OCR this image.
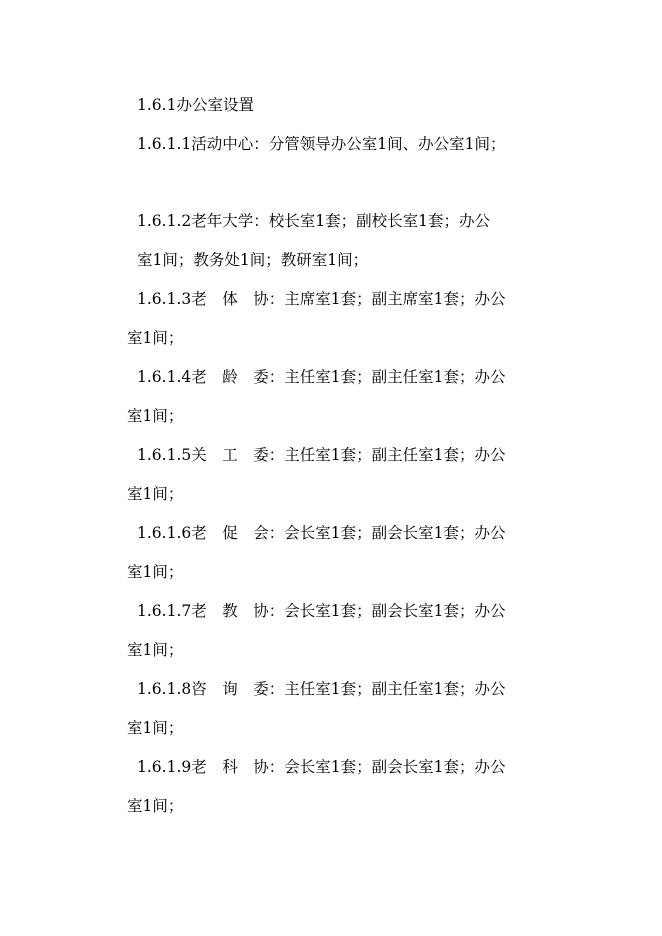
1.6.1办公室设置
1.6.1.1活动中心：分管领导办公室1间、办公室1间；
1.6.1.2老年大学：校长室1套；副校长室1套；办公
室1间；教务处1间；教研室1间；
1.6.1.3老　体　协：主席室1套；副主席室1套；办公
室1间；
1.6.1.4老　龄　委：主任室1套；副主任室1套；办公
室1间；
1.6.1.5关　工　委：主任室1套；副主任室1套；办公
室1间；
1.6.1.6老　促　会：会长室1套；副会长室1套；办公
室1间；
1.6.1.7老　教　协：会长室1套；副会长室1套；办公
室1间；
1.6.1.8咨　询　委：主任室1套；副主任室1套；办公
室1间；
1.6.1.9老　科　协：会长室1套；副会长室1套；办公
室1间；
